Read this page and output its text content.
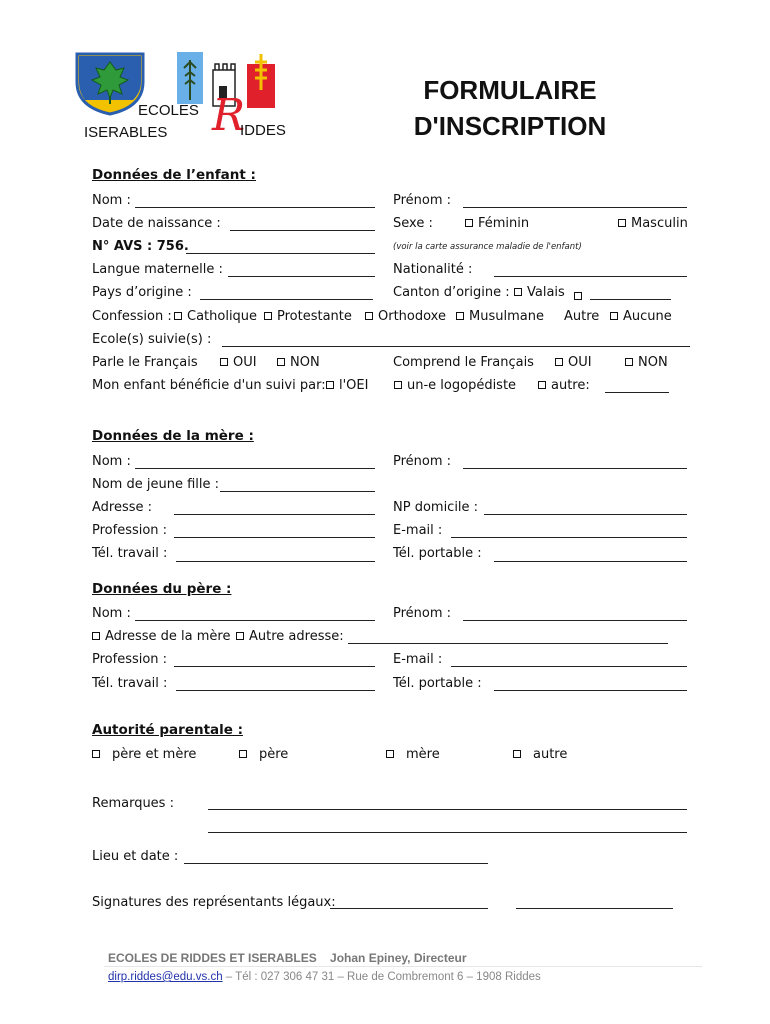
ECOLES
ISERABLES R
IDDES
FORMULAIRE
D'INSCRIPTION
Données de l’enfant :
Nom :	Prénom :
Date de naissance :	Sexe :	Féminin	Masculin
N° AVS : 756.	(voir la carte assurance maladie de l'enfant)
Langue maternelle :	Nationalité :
Pays d’origine :	Canton d’origine :	Valais
Confession :	Catholique	Protestante	Orthodoxe	Musulmane	Autre	Aucune
Ecole(s) suivie(s) :
Parle le Français	OUI	NON	Comprend le Français	OUI	NON
Mon enfant bénéficie d'un suivi par:	l'OEI	un-e logopédiste	autre:
Données de la mère :
Nom :	Prénom :
Nom de jeune fille :
Adresse :	NP domicile :
Profession :	E-mail :
Tél. travail :	Tél. portable :
Données du père :
Nom :	Prénom :
Adresse de la mère	Autre adresse:
Profession :	E-mail :
Tél. travail :	Tél. portable :
Autorité parentale :
père et mère	père	mère	autre
Remarques :
Lieu et date :
Signatures des représentants légaux:
ECOLES DE RIDDES ET ISERABLES Johan Epiney, Directeur
dirp.riddes@edu.vs.ch – Tél : 027 306 47 31 – Rue de Combremont 6 – 1908 Riddes
